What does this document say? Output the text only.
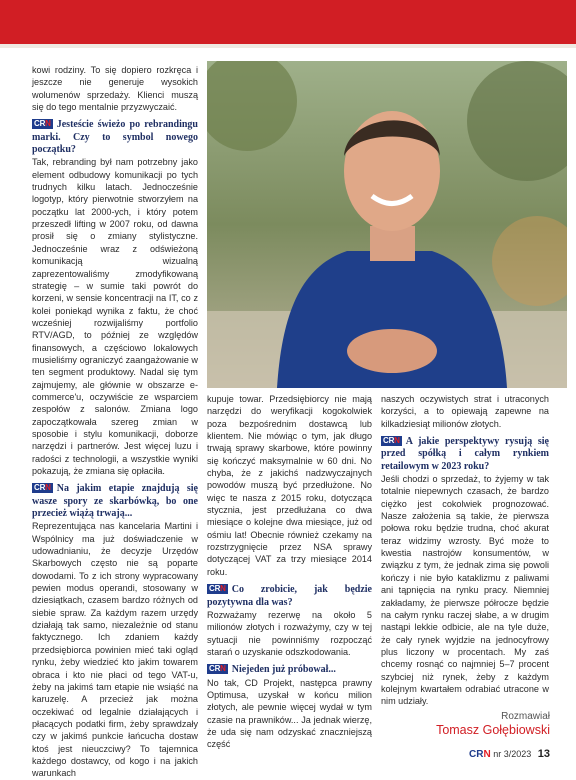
kowi rodziny. To się dopiero rozkręca i jeszcze nie generuje wysokich wolumenów sprzedaży. Klienci muszą się do tego mentalnie przyzwyczaić.

CRN Jesteście świeżo po rebrandingu marki. Czy to symbol nowego początku?

Tak, rebranding był nam potrzebny jako element odbudowy komunikacji po tych trudnych kilku latach. Jednocześnie logotyp, który pierwotnie stworzyłem na początku lat 2000-ych, i który potem przeszedł lifting w 2007 roku, od dawna prosił się o zmiany stylistyczne. Jednocześnie wraz z odświeżoną komunikacją wizualną zaprezentowaliśmy zmodyfikowaną strategię – w sumie taki powrót do korzeni, w sensie koncentracji na IT, co z kolei poniekąd wynika z faktu, że choć wcześniej rozwijaliśmy portfolio RTV/AGD, to później ze względów finansowych, a częściowo lokalowych musieliśmy ograniczyć zaangażowanie w ten segment produktowy. Nadal się tym zajmujemy, ale głównie w obszarze e-commerce'u, oczywiście ze wsparciem zespołów z salonów. Zmiana logo zapoczątkowała szereg zmian w sposobie i stylu komunikacji, doborze narzędzi i partnerów. Jest więcej luzu i radości z technologii, a wszystkie wyniki pokazują, że zmiana się opłaciła.

CRN Na jakim etapie znajdują się wasze spory ze skarbówką, bo one przecież wiążą trwają...

Reprezentująca nas kancelaria Martini i Wspólnicy ma już doświadczenie w udowadnianiu, że decyzje Urzędów Skarbowych często nie są poparte dowodami. To z ich strony wypracowany pewien modus operandi, stosowany w dziesiątkach, czasem bardzo różnych od siebie spraw. Za każdym razem urzędy działają tak samo, niezależnie od stanu faktycznego. Ich zdaniem każdy przedsiębiorca powinien mieć taki ogląd rynku, żeby wiedzieć kto jakim towarem obraca i kto nie płaci od tego VAT-u, żeby na jakimś tam etapie nie wsiąść na karuzelę. A przecież jak można oczekiwać od legalnie działających i płacących podatki firm, żeby sprawdzały czy w jakimś punkcie łańcucha dostaw ktoś jest nieuczciwy? To tajemnica każdego dostawcy, od kogo i na jakich warunkach

kupuje towar. Przedsiębiorcy nie mają narzędzi do weryfikacji kogokolwiek poza bezpośrednim dostawcą lub klientem. Nie mówiąc o tym, jak długo trwają sprawy skarbowe, które powinny się kończyć maksymalnie w 60 dni. No chyba, że z jakichś nadzwyczajnych powodów muszą być przedłużone. No więc te nasza z 2015 roku, dotycząca stycznia, jest przedłużana co dwa miesiące o kolejne dwa miesiące, już od ośmiu lat! Obecnie również czekamy na rozstrzygnięcie przez NSA sprawy dotyczącej VAT za trzy miesiące 2014 roku.

CRN Co zrobicie, jak będzie pozytywna dla was?

Rozważamy rezerwę na około 5 milionów złotych i rozważymy, czy w tej sytuacji nie powinniśmy rozpocząć starań o uzyskanie odszkodowania.

CRN Niejeden już próbował...

No tak, CD Projekt, następca prawny Optimusa, uzyskał w końcu milion złotych, ale pewnie więcej wydał w tym czasie na prawników... Ja jednak wierzę, że uda się nam odzyskać znaczniejszą część

naszych oczywistych strat i utraconych korzyści, a to opiewają zapewne na kilkadziesiąt milionów złotych.

CRN A jakie perspektywy rysują się przed spółką i całym rynkiem retailowym w 2023 roku?

Jeśli chodzi o sprzedaż, to żyjemy w tak totalnie niepewnych czasach, że bardzo ciężko jest cokolwiek prognozować. Nasze założenia są takie, że pierwsza połowa roku będzie trudna, choć akurat teraz widzimy wzrosty. Być może to kwestia nastrojów konsumentów, w związku z tym, że jednak zima się powoli kończy i nie było kataklizmu z paliwami ani tąpnięcia na rynku pracy. Niemniej zakładamy, że pierwsze półrocze będzie na całym rynku raczej słabe, a w drugim nastąpi lekkie odbicie, ale na tyle duże, że cały rynek wyjdzie na jednocyfrowy plus liczony w procentach. My zaś chcemy rosnąć co najmniej 5–7 procent szybciej niż rynek, żeby z każdym kolejnym kwartałem odrabiać utracone w nim udziały.

Rozmawiał
Tomasz Gołębiowski
CRN nr 3/2023 13
